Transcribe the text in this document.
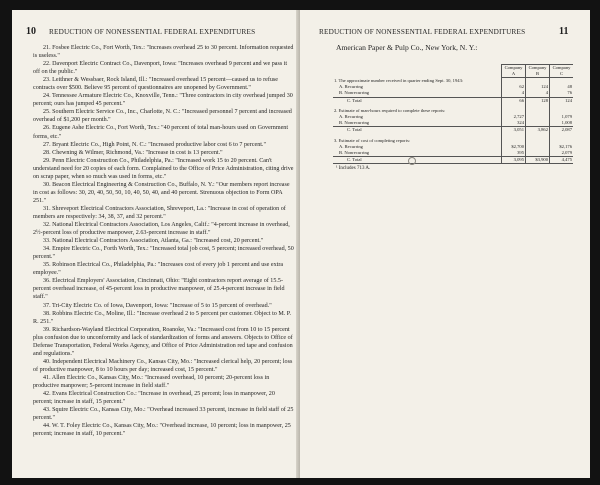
10 REDUCTION OF NONESSENTIAL FEDERAL EXPENDITURES

21. Fosbee Electric Co., Fort Worth, Tex.: "Increases overhead 25 to 30 percent. Information requested is useless."

22. Davenport Electric Contract Co., Davenport, Iowa: "Increases overhead 9 percent and we pass it off on the public."

23. Leithner & Wessbaer, Rock Island, Ill.: "Increased overhead 15 percent—caused us to refuse contracts over $500. Believe 95 percent of questionnaires are unopened by Government."

24. Tennessee Armature Electric Co., Knoxville, Tenn.: "Three contractors in city overhead jumped 30 percent; ours has jumped 45 percent."

25. Southern Electric Service Co., Inc., Charlotte, N. C.: "Increased personnel 7 percent and increased overhead of $1,200 per month."

26. Eugene Ashe Electric Co., Fort Worth, Tex.: "40 percent of total man-hours used on Government forms, etc."

27. Bryant Electric Co., High Point, N. C.: "Increased productive labor cost 6 to 7 percent."

28. Chewning & Wilmer, Richmond, Va.: "Increase in cost is 13 percent."

29. Penn Electric Construction Co., Philadelphia, Pa.: "Increased work 15 to 20 percent. Can't understand need for 20 copies of each form. Complained to the Office of Price Administration, citing drive on scrap paper, when so much was used in forms, etc."

30. Beacon Electrical Engineering & Construction Co., Buffalo, N. Y.: "Our members report increase in cost as follows: 30, 20, 40, 50, 50, 10, 40, 50, 40, and 40 percent. Strenuous objection to Form OPA 251."

31. Shreveport Electrical Contractors Association, Shreveport, La.: "Increase in cost of operation of members are respectively: 34, 38, 37, and 32 percent."

32. National Electrical Contractors Association, Los Angeles, Calif.: "4-percent increase in overhead, 2½-percent loss of productive manpower, 2.63-percent increase in staff."

33. National Electrical Contractors Association, Atlanta, Ga.: "Increased cost, 20 percent."

34. Empire Electric Co., Forth Worth, Tex.: "Increased total job cost, 5 percent; increased overhead, 50 percent."

35. Robinson Electrical Co., Philadelphia, Pa.: "Increases cost of every job 1 percent and use extra employee."

36. Electrical Employers' Association, Cincinnati, Ohio: "Eight contractors report average of 15.5-percent overhead increase, of 45-percent loss in productive manpower, of 25.4-percent increase in field staff."

37. Tri-City Electric Co. of Iowa, Davenport, Iowa: "Increase of 5 to 15 percent of overhead."

38. Robbins Electric Co., Moline, Ill.: "Increase overhead 2 to 5 percent per customer. Object to M. P. R. 251."

39. Richardson-Wayland Electrical Corporation, Roanoke, Va.: "Increased cost from 10 to 15 percent plus confusion due to unconformity and lack of standardization of forms and answers. Objects to Office of Defense Transportation, Federal Works Agency, and Office of Price Administration red tape and confusion and regulations."

40. Independent Electrical Machinery Co., Kansas City, Mo.: "Increased clerical help, 20 percent; loss of productive manpower, 8 to 10 hours per day; increased cost, 15 percent."

41. Allen Electric Co., Kansas City, Mo.: "Increased overhead, 10 percent; 20-percent loss in productive manpower; 5-percent increase in field staff."

42. Evans Electrical Construction Co.: "Increase in overhead, 25 percent; loss in manpower, 20 percent; increase in staff, 15 percent."

43. Squire Electric Co., Kansas City, Mo.: "Overhead increased 33 percent, increase in field staff of 25 percent."

44. W. T. Foley Electric Co., Kansas City, Mo.: "Overhead increase, 10 percent; loss in manpower, 25 percent; increase in staff, 10 percent."

REDUCTION OF NONESSENTIAL FEDERAL EXPENDITURES	11
American Paper & Pulp Co., New York, N. Y.:
	Company A	Company B	Company C
1. The approximate number received in quarter ending Sept. 30, 1943:			
A. Recurring	62	124	48
B. Nonrecurring	4	4	76
C. Total	66	128	124

2. Estimate of man-hours required to complete these reports:			
A. Recurring	2,727		1,079
B. Nonrecurring	324		1,008
C. Total	3,051	3,862	2,087

3. Estimate of cost of completing reports:			
A. Recurring	$2,700		$2,176
B. Nonrecurring	395		2,079
C. Total	3,095	$3,900	4,475
¹ Includes 713 A.
